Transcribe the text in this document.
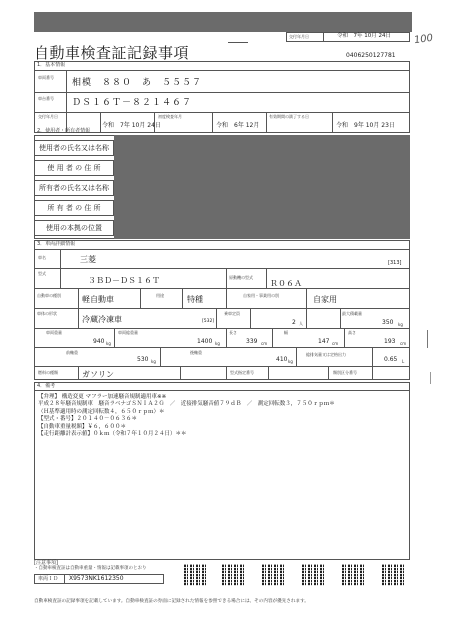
交付年月日	令和　7年 10月 24日 100
自動車検査証記録事項	0406250127781
1．基本情報
車両番号
相模　８８０　あ　５５５７
車台番号 ＤＳ１６Ｔ－８２１４６７
交付年月日
令和　7年 10月 24日
初度検査年月
令和　6年 12月
有効期間の満了する日
令和　9年 10月 23日
2．使用者・所有者情報
使用者の氏名又は名称
使 用 者 の 住 所
所有者の氏名又は名称
所 有 者 の 住 所
使用の本拠の位置
3．車両詳細情報
車名	三菱	[313]
型式
３ＢＤ－ＤＳ１６Ｔ	原動機の型式
Ｒ０６Ａ
自動車の種別	軽自動車	用途	特種	自家用・事業用の別	自家用
車体の形状
冷蔵冷凍車	[532]
乗車定員
2 人
最大積載量
350 kg
車両重量
940 kg
車両総重量
1400 kg
長さ
339 cm
幅
147 cm
高さ
193 cm
前軸重
530 kg
後軸重
410 kg
総排気量又は定格出力
0.65 L
燃料の種類	ガソリン	型式指定番号	類別区分番号
4．備考
【弁理】 構造変更 マフラー加速騒音規制適用車※※
平成２８年騒音規制車　騒音ラベナゴＳＮＩＡ２Ｇ　／　近接排気騒音値７９ｄＢ　／　測定回転数３，７５０ｒｐｍ＊
（Ｈ基準適用時の測定回転数４，６５０ｒｐｍ）＊
【型式・番号】２０１４０－０６３６＊
【自動車重量税額】￥６，６００＊
【走行距離計表示値】０ｋｍ（令和７年１０月２４日）＊＊
[注意事項]
・自動車検査証は自動車重量・情報は記載事項のとおり
車両ＩＤ X9573NK1612350
自動車検査証の記録事項を記載しています。自動車検査証の券面に記録された情報を参照できる場合には、その内容が優先されます。
